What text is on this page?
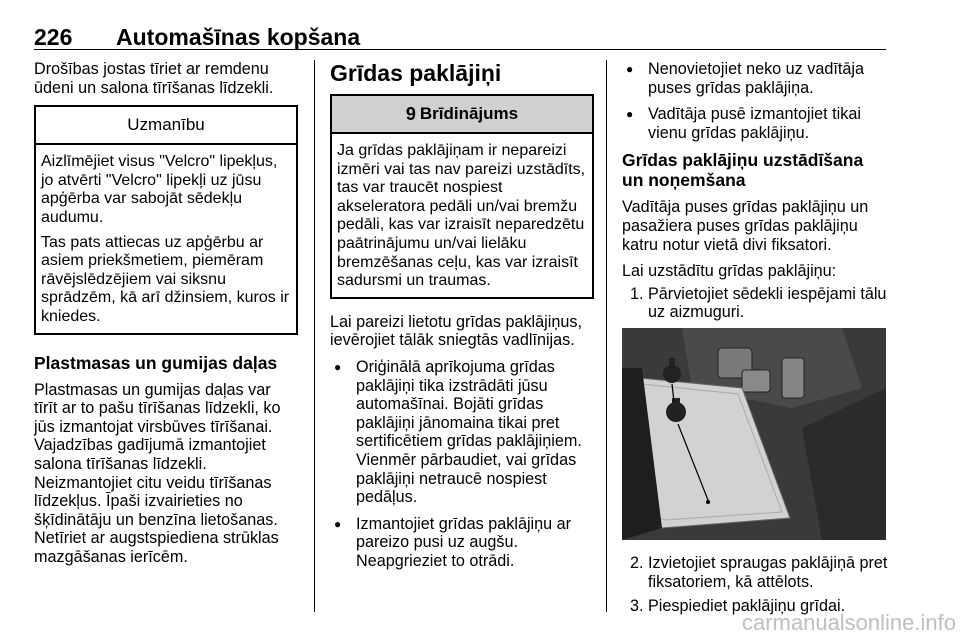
226 Automašīnas kopšana

Drošības jostas tīriet ar remdenu ūdeni un salona tīrīšanas līdzekli.

Uzmanību

Aizlīmējiet visus "Velcro" lipekļus, jo atvērti "Velcro" lipekļi uz jūsu apģērba var sabojāt sēdekļu audumu.

Tas pats attiecas uz apģērbu ar asiem priekšmetiem, piemēram rāvējslēdzējiem vai siksnu sprādzēm, kā arī džinsiem, kuros ir kniedes.

Plastmasas un gumijas daļas

Plastmasas un gumijas daļas var tīrīt ar to pašu tīrīšanas līdzekli, ko jūs izmantojat virsbūves tīrīšanai. Vajadzības gadījumā izmantojiet salona tīrīšanas līdzekli. Neizmantojiet citu veidu tīrīšanas līdzekļus. Īpaši izvairieties no šķīdinātāju un benzīna lietošanas. Netīriet ar augstspiediena strūklas mazgāšanas ierīcēm.

Grīdas paklājiņi
9 Brīdinājums

Ja grīdas paklājiņam ir nepareizi izmēri vai tas nav pareizi uzstādīts, tas var traucēt nospiest akseleratora pedāli un/vai bremžu pedāli, kas var izraisīt neparedzētu paātrinājumu un/vai lielāku bremzēšanas ceļu, kas var izraisīt sadursmi un traumas.

Lai pareizi lietotu grīdas paklājiņus, ievērojiet tālāk sniegtās vadlīnijas.

● Oriģinālā aprīkojuma grīdas paklājiņi tika izstrādāti jūsu automašīnai. Bojāti grīdas paklājiņi jānomaina tikai pret sertificētiem grīdas paklājiņiem. Vienmēr pārbaudiet, vai grīdas paklājiņi netraucē nospiest pedāļus.
● Izmantojiet grīdas paklājiņu ar pareizo pusi uz augšu. Neapgrieziet to otrādi.
● Nenovietojiet neko uz vadītāja puses grīdas paklājiņa.
● Vadītāja pusē izmantojiet tikai vienu grīdas paklājiņu.
Grīdas paklājiņu uzstādīšana un noņemšana

Vadītāja puses grīdas paklājiņu un pasažiera puses grīdas paklājiņu katru notur vietā divi fiksatori.

Lai uzstādītu grīdas paklājiņu:

1. Pārvietojiet sēdekli iespējami tālu uz aizmuguri.
2. Izvietojiet spraugas paklājiņā pret fiksatoriem, kā attēlots.
3. Piespiediet paklājiņu grīdai.
carmanualsonline.info
